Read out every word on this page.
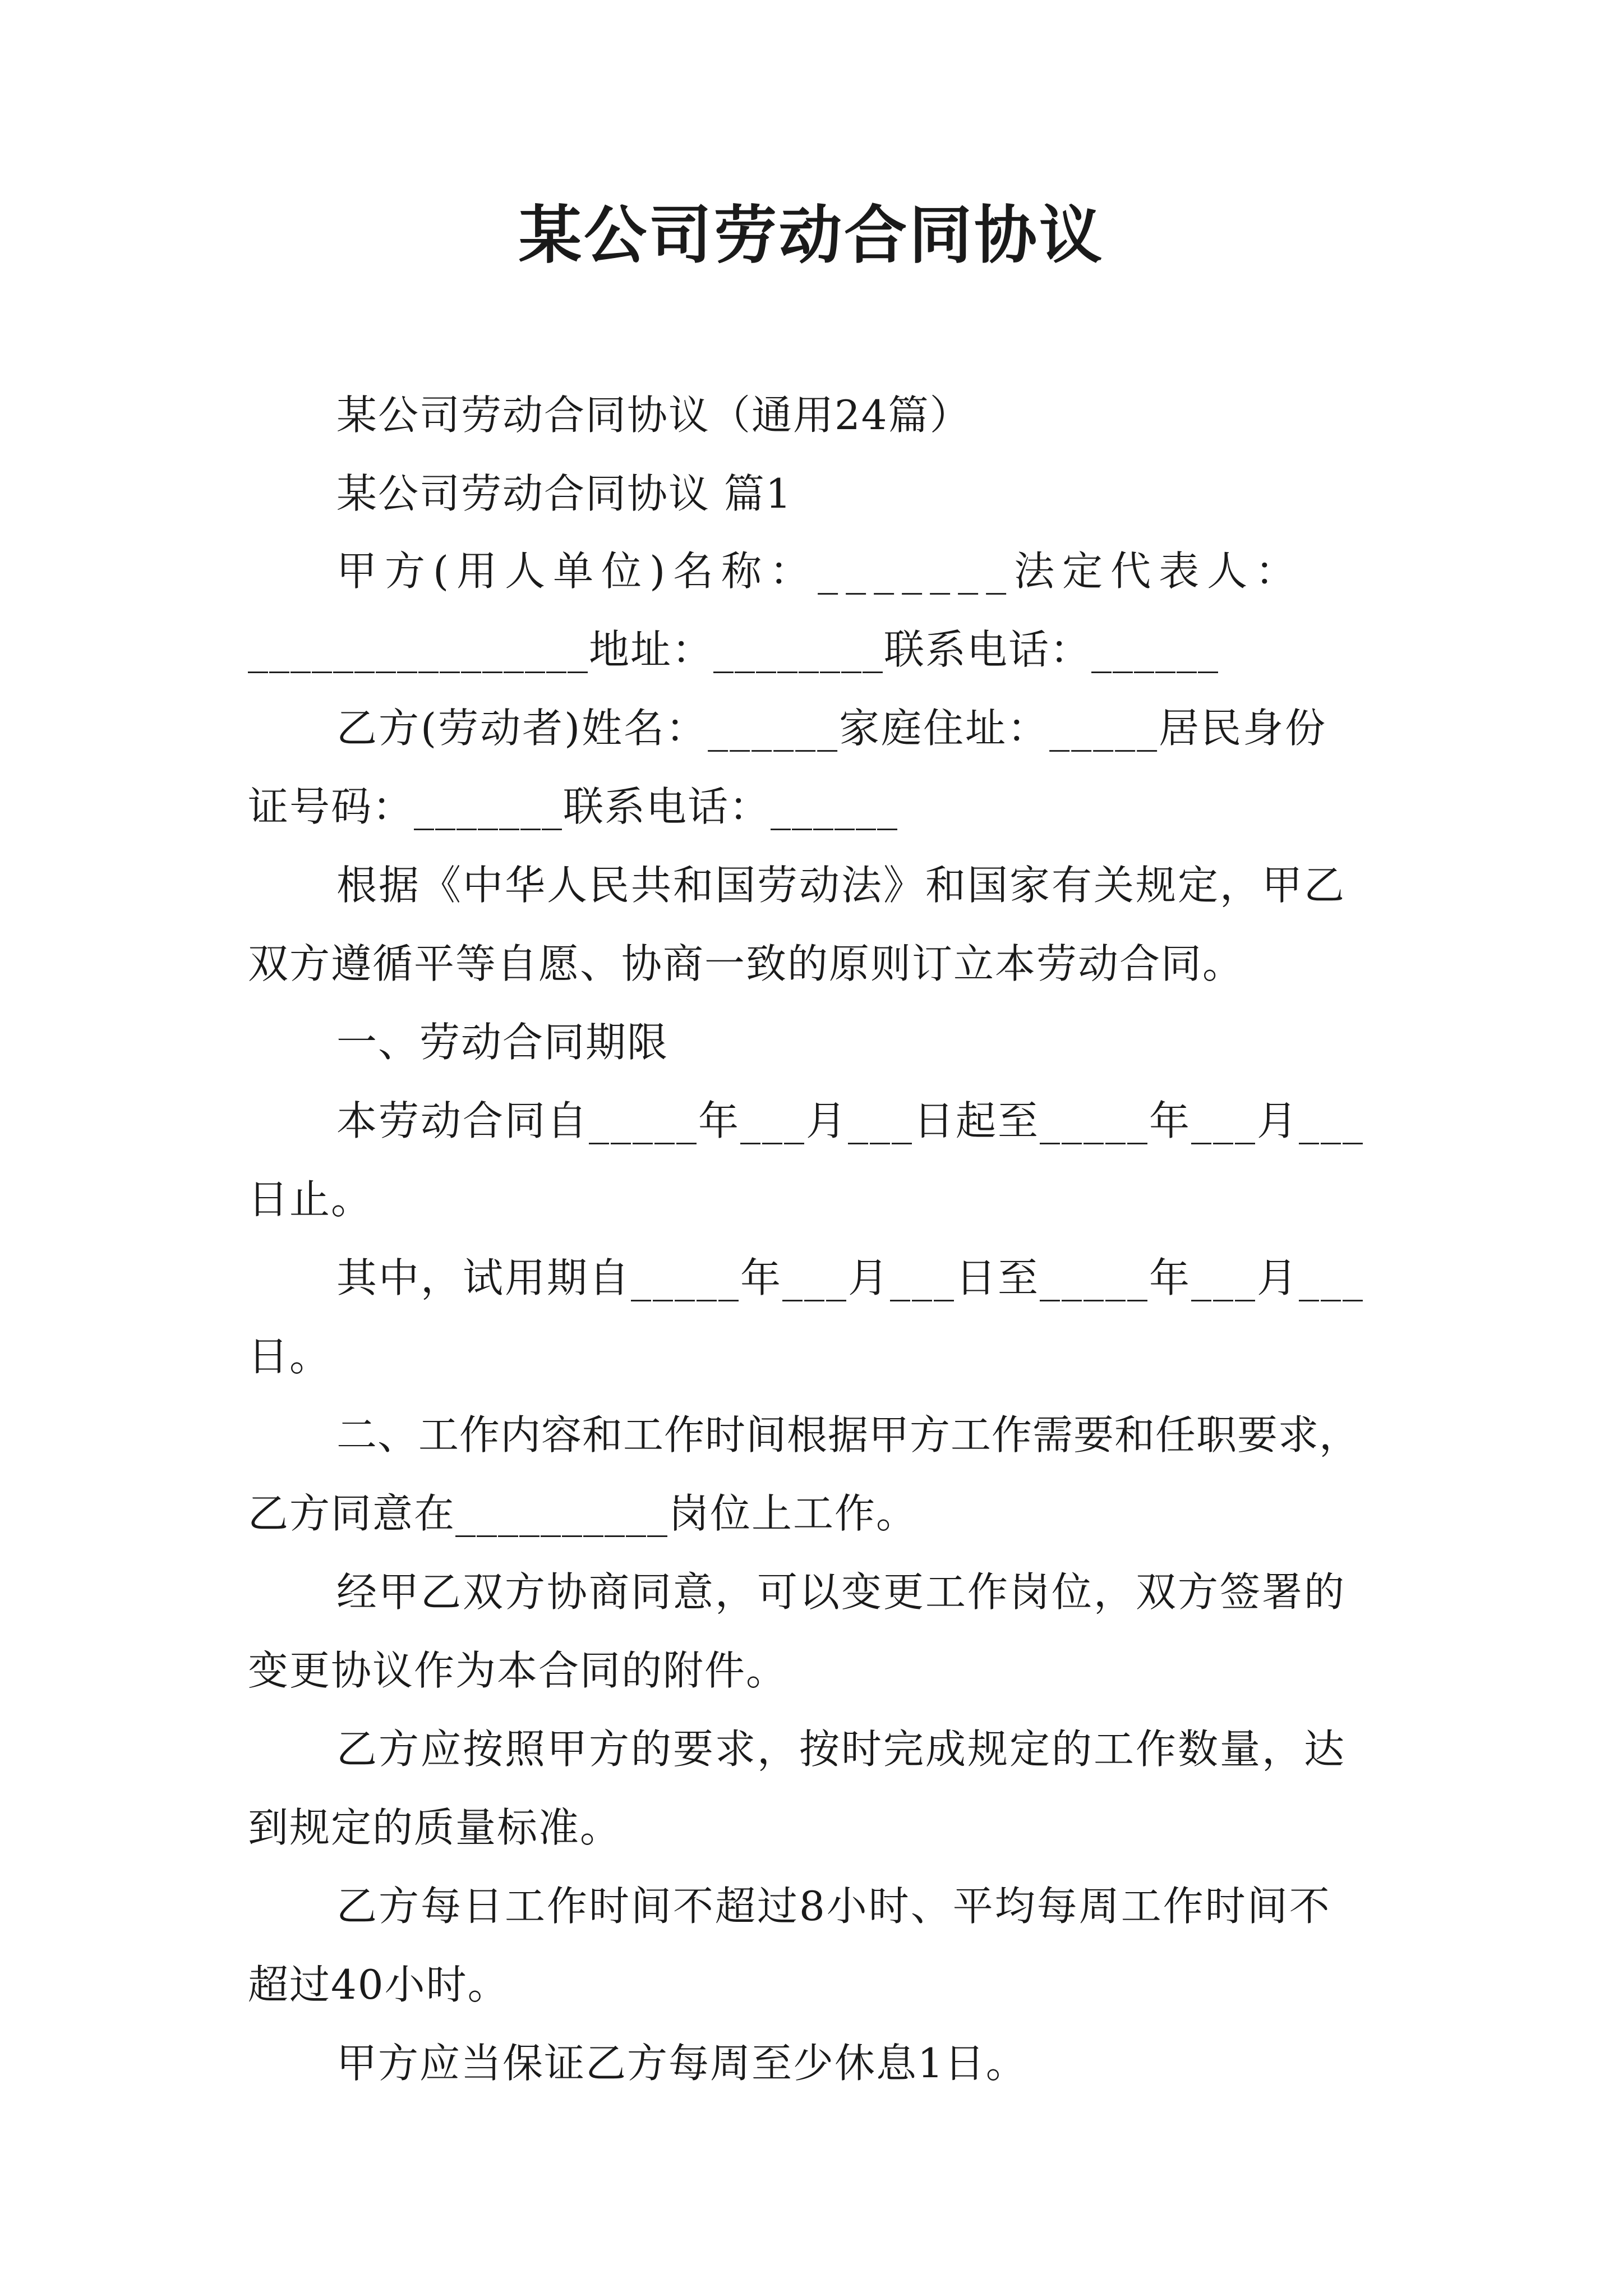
某公司劳动合同协议
某公司劳动合同协议（通用24篇）
某公司劳动合同协议 篇1
甲方(用人单位)名称：_______法定代表人：
________________地址：________联系电话：______
乙方(劳动者)姓名：______家庭住址：_____居民身份
证号码：_______联系电话：______
根据《中华人民共和国劳动法》和国家有关规定，甲乙
双方遵循平等自愿、协商一致的原则订立本劳动合同。
一、劳动合同期限
本劳动合同自_____年___月___日起至_____年___月___
日止。
其中，试用期自_____年___月___日至_____年___月___
日。
二、工作内容和工作时间根据甲方工作需要和任职要求，
乙方同意在__________岗位上工作。
经甲乙双方协商同意，可以变更工作岗位，双方签署的
变更协议作为本合同的附件。
乙方应按照甲方的要求，按时完成规定的工作数量，达
到规定的质量标准。
乙方每日工作时间不超过8小时、平均每周工作时间不
超过40小时。
甲方应当保证乙方每周至少休息1日。
